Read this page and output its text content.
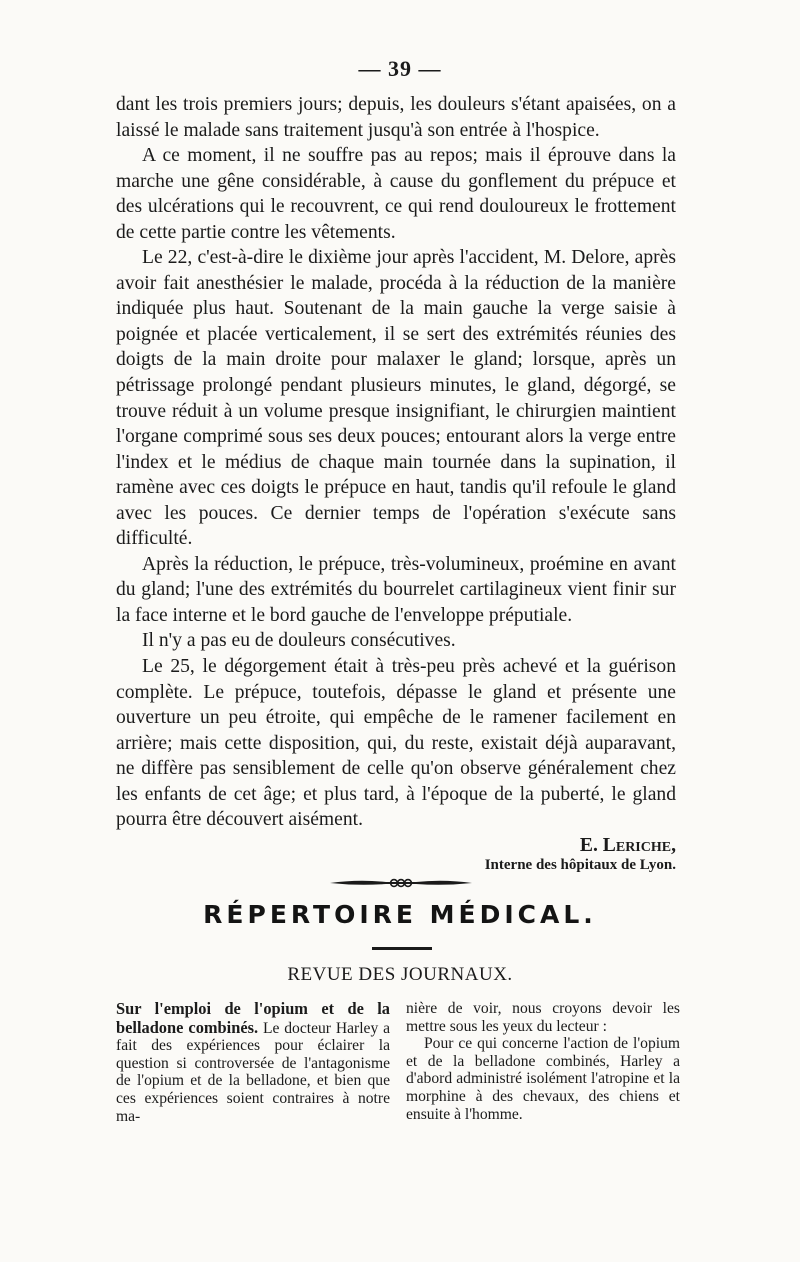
— 39 —

dant les trois premiers jours; depuis, les douleurs s'étant apaisées, on a laissé le malade sans traitement jusqu'à son entrée à l'hospice.

A ce moment, il ne souffre pas au repos; mais il éprouve dans la marche une gêne considérable, à cause du gonflement du prépuce et des ulcérations qui le recouvrent, ce qui rend douloureux le frottement de cette partie contre les vêtements.

Le 22, c'est-à-dire le dixième jour après l'accident, M. Delore, après avoir fait anesthésier le malade, procéda à la réduction de la manière indiquée plus haut. Soutenant de la main gauche la verge saisie à poignée et placée verticalement, il se sert des extrémités réunies des doigts de la main droite pour malaxer le gland; lorsque, après un pétrissage prolongé pendant plusieurs minutes, le gland, dégorgé, se trouve réduit à un volume presque insignifiant, le chirurgien maintient l'organe comprimé sous ses deux pouces; entourant alors la verge entre l'index et le médius de chaque main tournée dans la supination, il ramène avec ces doigts le prépuce en haut, tandis qu'il refoule le gland avec les pouces. Ce dernier temps de l'opération s'exécute sans difficulté.

Après la réduction, le prépuce, très-volumineux, proémine en avant du gland; l'une des extrémités du bourrelet cartilagineux vient finir sur la face interne et le bord gauche de l'enveloppe préputiale.

Il n'y a pas eu de douleurs consécutives.

Le 25, le dégorgement était à très-peu près achevé et la guérison complète. Le prépuce, toutefois, dépasse le gland et présente une ouverture un peu étroite, qui empêche de le ramener facilement en arrière; mais cette disposition, qui, du reste, existait déjà auparavant, ne diffère pas sensiblement de celle qu'on observe généralement chez les enfants de cet âge; et plus tard, à l'époque de la puberté, le gland pourra être découvert aisément.

E. Leriche,
Interne des hôpitaux de Lyon.
RÉPERTOIRE MÉDICAL.
REVUE DES JOURNAUX.

Sur l'emploi de l'opium et de la belladone combinés. Le docteur Harley a fait des expériences pour éclairer la question si controversée de l'antagonisme de l'opium et de la belladone, et bien que ces expériences soient contraires à notre ma-

nière de voir, nous croyons devoir les mettre sous les yeux du lecteur :

Pour ce qui concerne l'action de l'opium et de la belladone combinés, Harley a d'abord administré isolément l'atropine et la morphine à des chevaux, des chiens et ensuite à l'homme.
